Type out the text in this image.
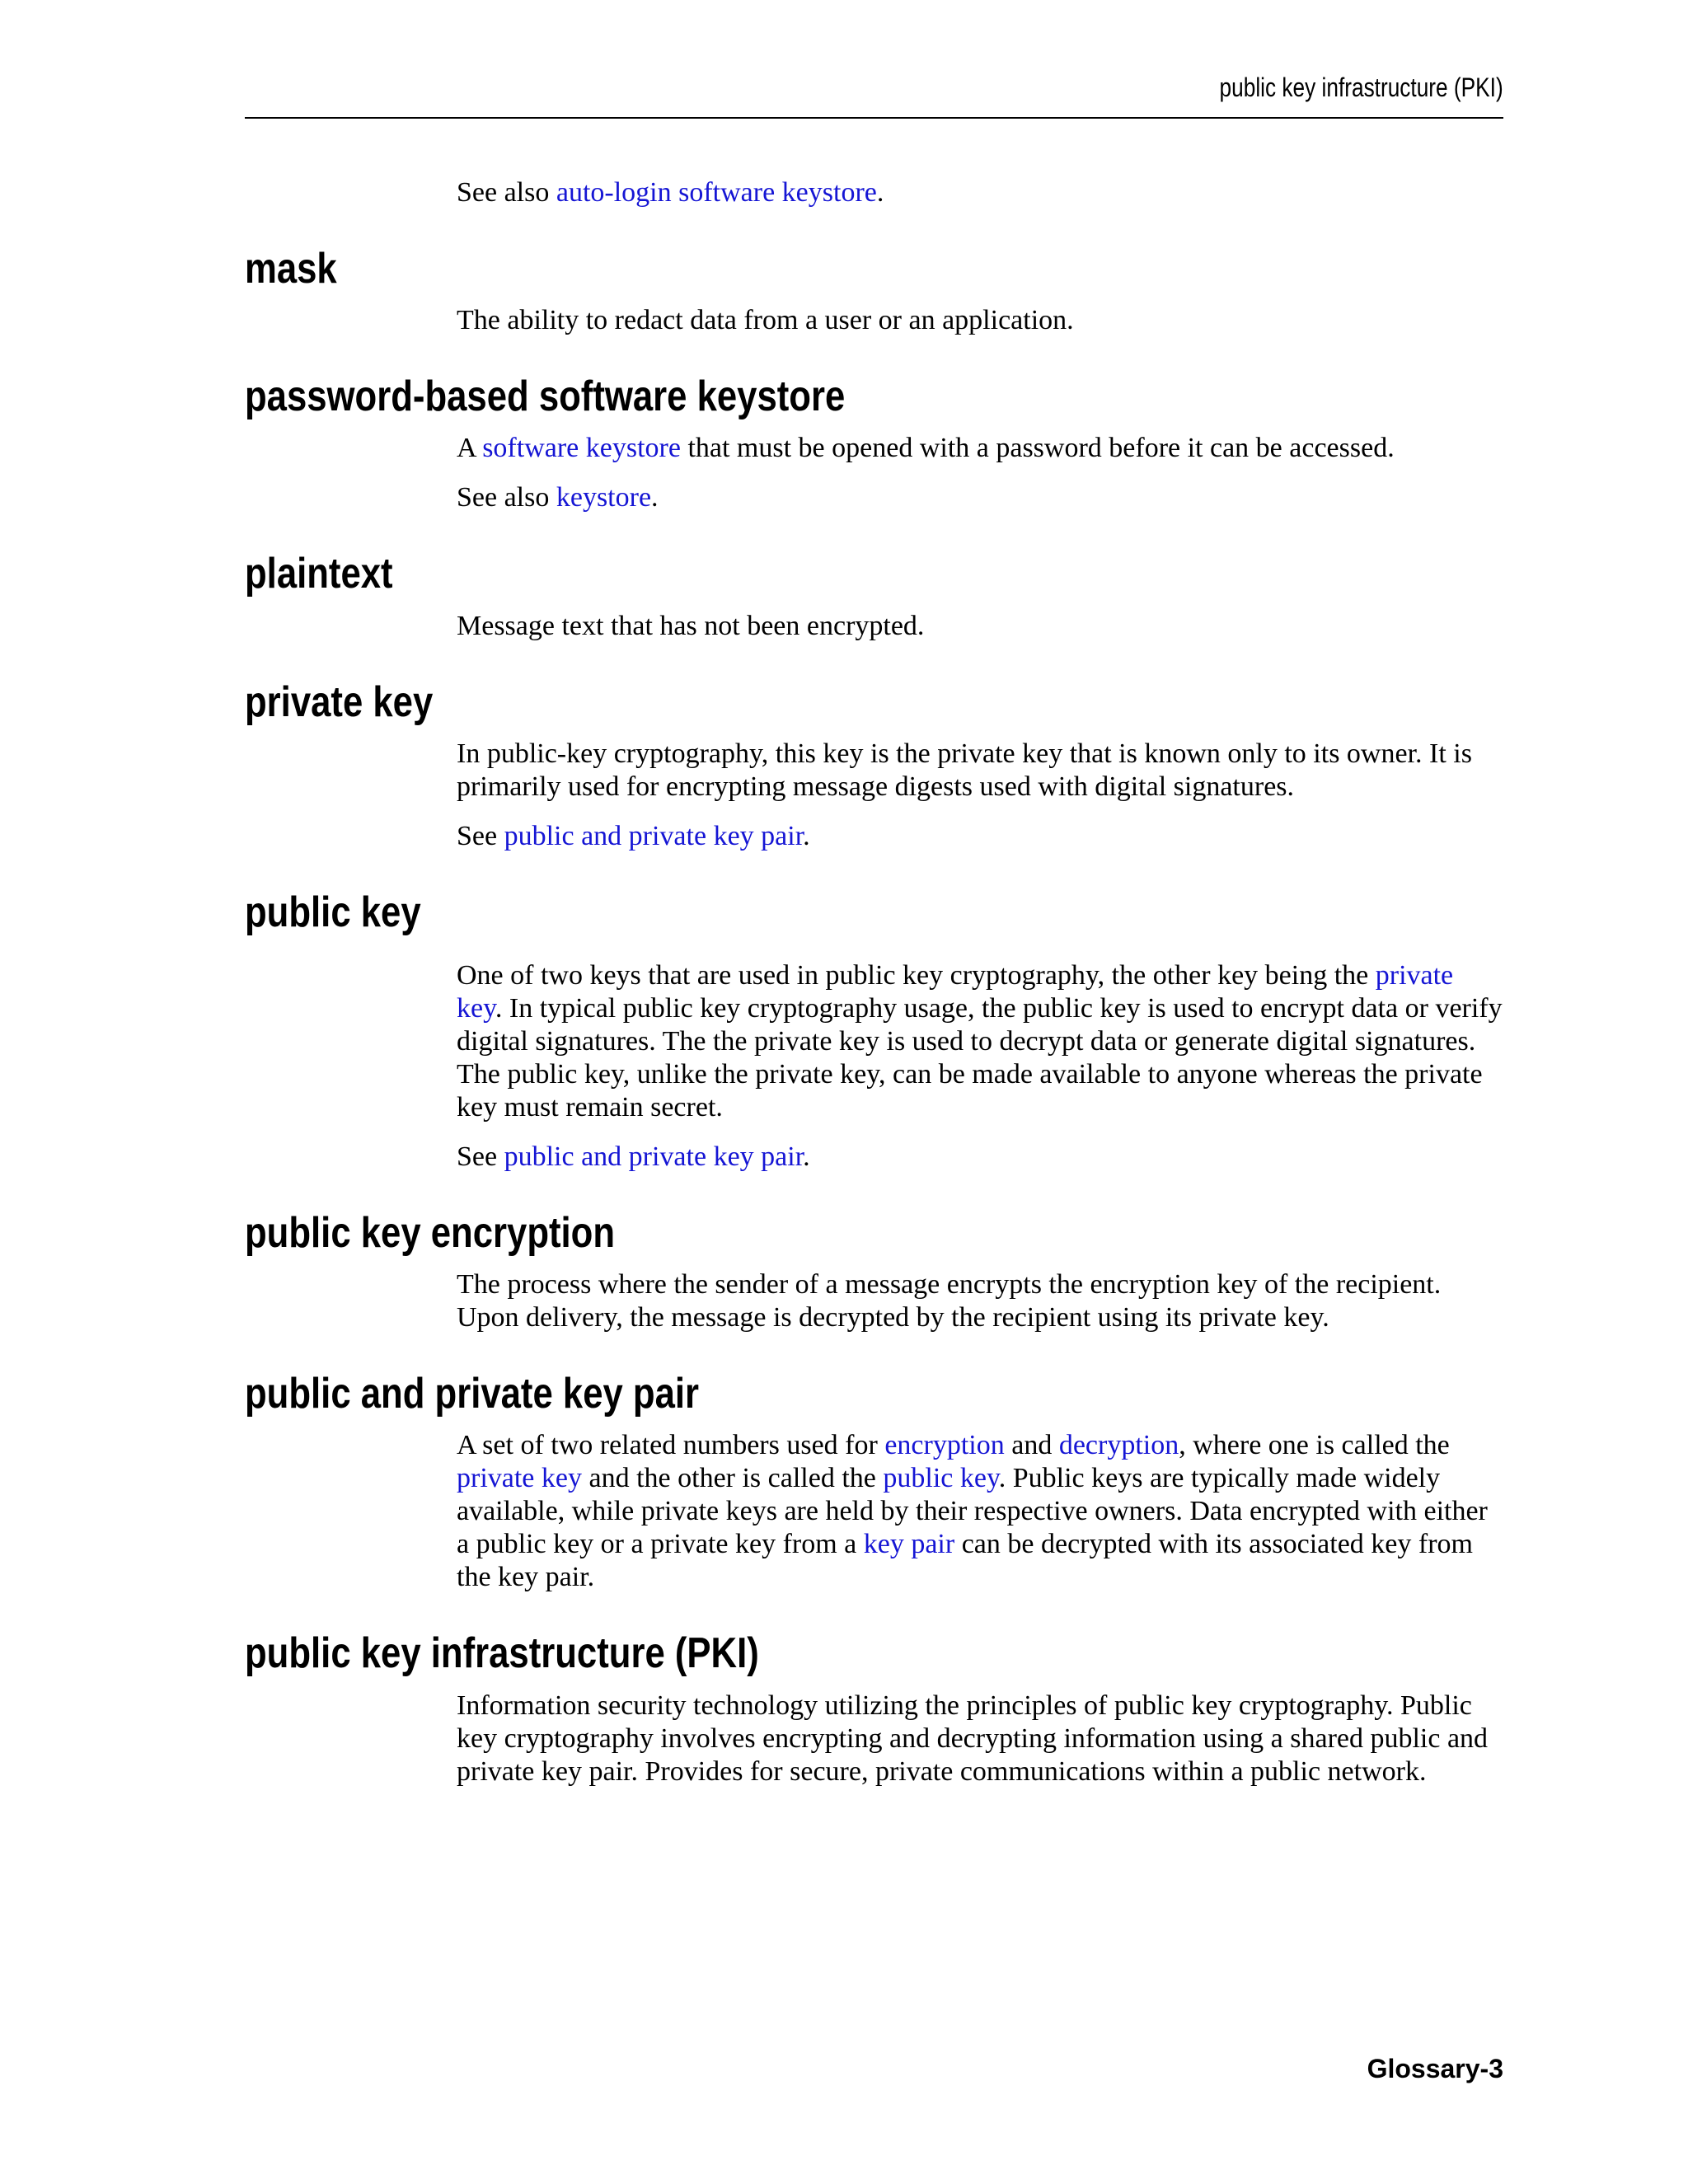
public key infrastructure (PKI)

See also auto-login software keystore.

mask

The ability to redact data from a user or an application.

password-based software keystore

A software keystore that must be opened with a password before it can be accessed.

See also keystore.

plaintext

Message text that has not been encrypted.

private key

In public-key cryptography, this key is the private key that is known only to its owner. It is primarily used for encrypting message digests used with digital signatures.

See public and private key pair.

public key

One of two keys that are used in public key cryptography, the other key being the private key. In typical public key cryptography usage, the public key is used to encrypt data or verify digital signatures. The the private key is used to decrypt data or generate digital signatures. The public key, unlike the private key, can be made available to anyone whereas the private key must remain secret.

See public and private key pair.

public key encryption

The process where the sender of a message encrypts the encryption key of the recipient. Upon delivery, the message is decrypted by the recipient using its private key.

public and private key pair

A set of two related numbers used for encryption and decryption, where one is called the private key and the other is called the public key. Public keys are typically made widely available, while private keys are held by their respective owners. Data encrypted with either a public key or a private key from a key pair can be decrypted with its associated key from the key pair.

public key infrastructure (PKI)

Information security technology utilizing the principles of public key cryptography. Public key cryptography involves encrypting and decrypting information using a shared public and private key pair. Provides for secure, private communications within a public network.

Glossary-3
